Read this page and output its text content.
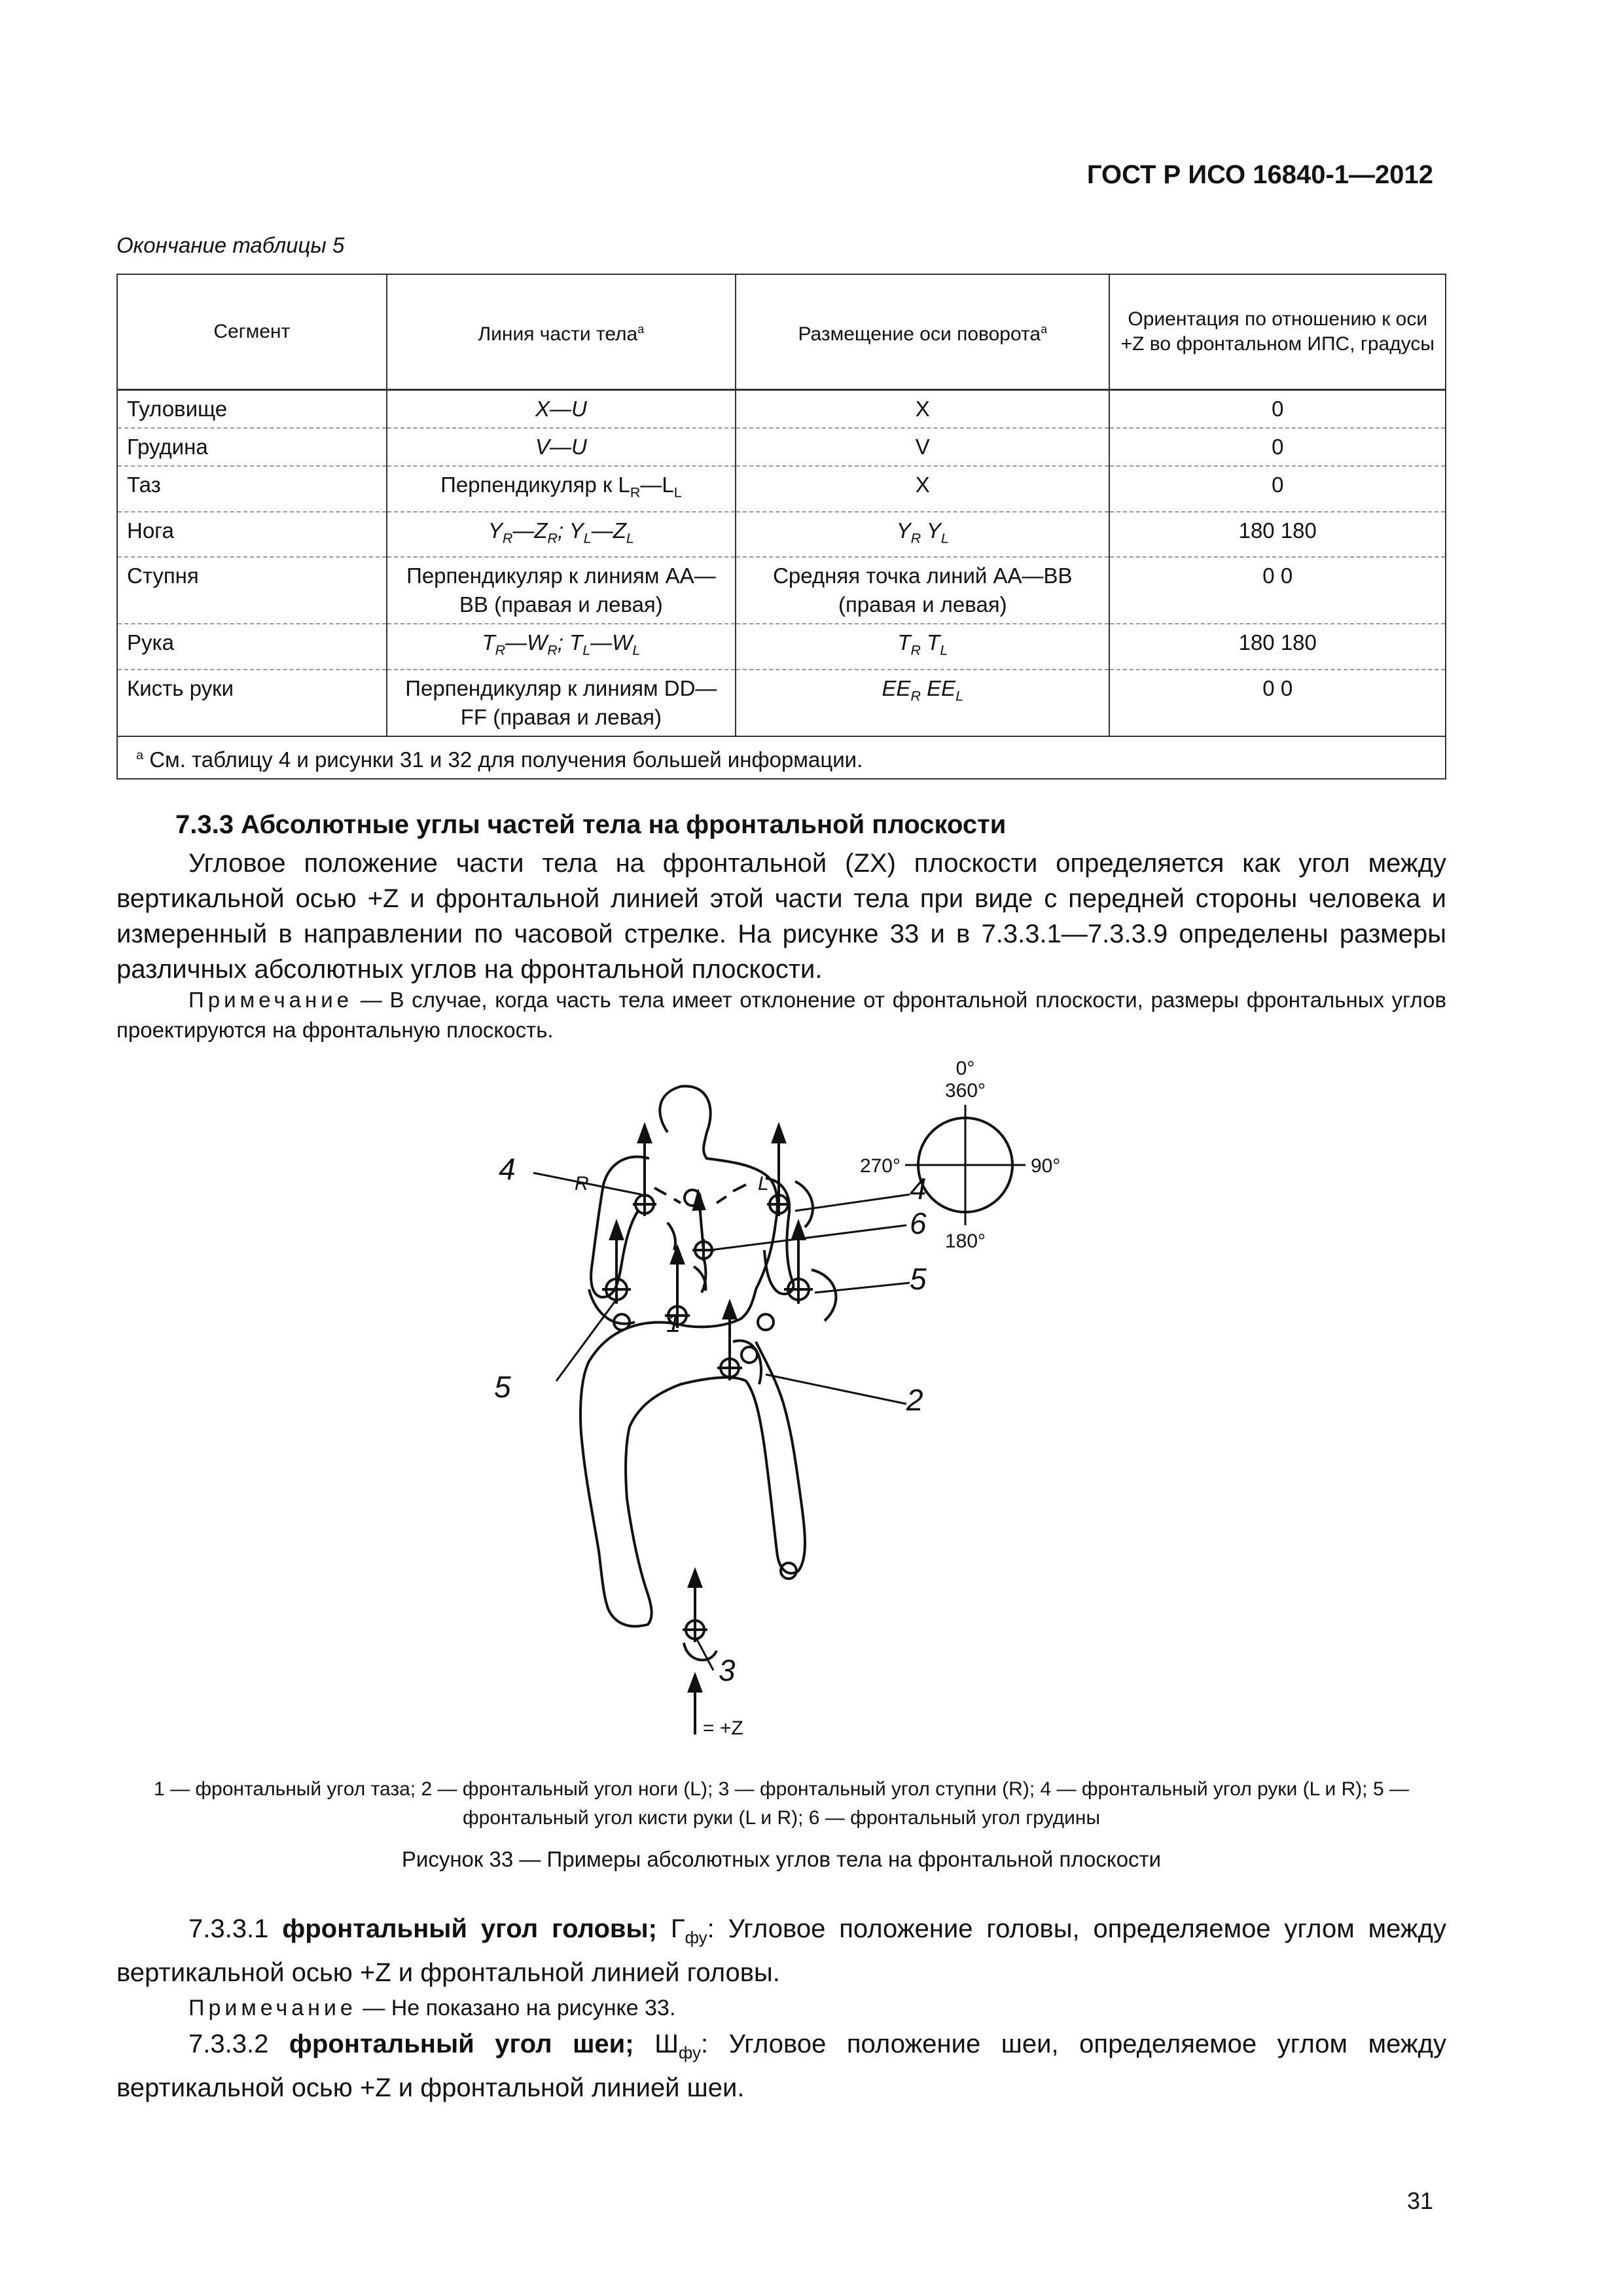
ГОСТ Р ИСО 16840-1—2012
Окончание таблицы 5
Сегмент	Линия части тела$^a$	Размещение оси поворота$^a$	Ориентация по отношению к оси +Z во фронтальном ИПС, градусы
Туловище	X—U	X	0
Грудина	V—U	V	0
Таз	Перпендикуляр к $L_R—L_L$	X	0
Нога	$Y_R—Z_R$; $Y_L—Z_L$	$Y_R$ $Y_L$	180 180
Ступня	Перпендикуляр к линиям AA—BB (правая и левая)	Средняя точка линий AA—BB (правая и левая)	0 0
Рука	$T_R—W_R$; $T_L—W_L$	$T_R$ $T_L$	180 180
Кисть руки	Перпендикуляр к линиям DD—FF (правая и левая)	$EE_R$ $EE_L$	0 0
$^a$ См. таблицу 4 и рисунки 31 и 32 для получения большей информации.			
7.3.3 Абсолютные углы частей тела на фронтальной плоскости
Угловое положение части тела на фронтальной (ZX) плоскости определяется как угол между вертикальной осью +Z и фронтальной линией этой части тела при виде с передней стороны человека и измеренный в направлении по часовой стрелке. На рисунке 33 и в 7.3.3.1—7.3.3.9 определены размеры различных абсолютных углов на фронтальной плоскости.
Примечание — В случае, когда часть тела имеет отклонение от фронтальной плоскости, размеры фронтальных углов проектируются на фронтальную плоскость.
0°
360°
270°	90°
180°
4	R	L	4
6
5
1
5	2
3
= +Z
1 — фронтальный угол таза; 2 — фронтальный угол ноги (L); 3 — фронтальный угол ступни (R); 4 — фронтальный угол руки (L и R); 5 — фронтальный угол кисти руки (L и R); 6 — фронтальный угол грудины
Рисунок 33 — Примеры абсолютных углов тела на фронтальной плоскости
7.3.3.1 фронтальный угол головы; $Г_{фу}$: Угловое положение головы, определяемое углом между вертикальной осью +Z и фронтальной линией головы.
Примечание — Не показано на рисунке 33.
7.3.3.2 фронтальный угол шеи; $Ш_{фу}$: Угловое положение шеи, определяемое углом между вертикальной осью +Z и фронтальной линией шеи.
31
